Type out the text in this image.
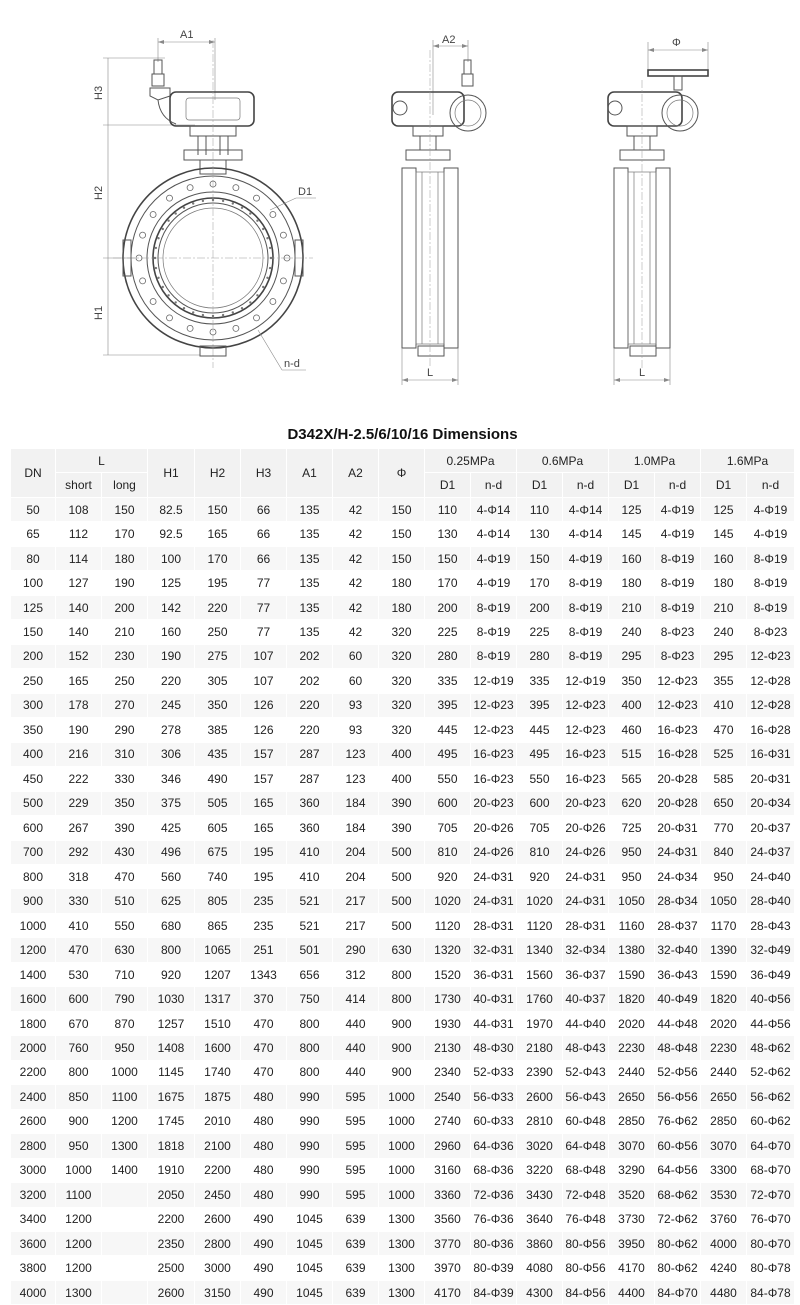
A1
H3
H2
H1
D1
n-d
A2
L
Φ
L
D342X/H-2.5/6/10/16 Dimensions																
DN	L		H1	H2	H3	A1	A2	Φ	0.25MPa		0.6MPa		1.0MPa		1.6MPa	
	short	long							D1	n-d	D1	n-d	D1	n-d	D1	n-d
50	108	150	82.5	150	66	135	42	150	110	4-Φ14	110	4-Φ14	125	4-Φ19	125	4-Φ19
65	112	170	92.5	165	66	135	42	150	130	4-Φ14	130	4-Φ14	145	4-Φ19	145	4-Φ19
80	114	180	100	170	66	135	42	150	150	4-Φ19	150	4-Φ19	160	8-Φ19	160	8-Φ19
100	127	190	125	195	77	135	42	180	170	4-Φ19	170	8-Φ19	180	8-Φ19	180	8-Φ19
125	140	200	142	220	77	135	42	180	200	8-Φ19	200	8-Φ19	210	8-Φ19	210	8-Φ19
150	140	210	160	250	77	135	42	320	225	8-Φ19	225	8-Φ19	240	8-Φ23	240	8-Φ23
200	152	230	190	275	107	202	60	320	280	8-Φ19	280	8-Φ19	295	8-Φ23	295	12-Φ23
250	165	250	220	305	107	202	60	320	335	12-Φ19	335	12-Φ19	350	12-Φ23	355	12-Φ28
300	178	270	245	350	126	220	93	320	395	12-Φ23	395	12-Φ23	400	12-Φ23	410	12-Φ28
350	190	290	278	385	126	220	93	320	445	12-Φ23	445	12-Φ23	460	16-Φ23	470	16-Φ28
400	216	310	306	435	157	287	123	400	495	16-Φ23	495	16-Φ23	515	16-Φ28	525	16-Φ31
450	222	330	346	490	157	287	123	400	550	16-Φ23	550	16-Φ23	565	20-Φ28	585	20-Φ31
500	229	350	375	505	165	360	184	390	600	20-Φ23	600	20-Φ23	620	20-Φ28	650	20-Φ34
600	267	390	425	605	165	360	184	390	705	20-Φ26	705	20-Φ26	725	20-Φ31	770	20-Φ37
700	292	430	496	675	195	410	204	500	810	24-Φ26	810	24-Φ26	950	24-Φ31	840	24-Φ37
800	318	470	560	740	195	410	204	500	920	24-Φ31	920	24-Φ31	950	24-Φ34	950	24-Φ40
900	330	510	625	805	235	521	217	500	1020	24-Φ31	1020	24-Φ31	1050	28-Φ34	1050	28-Φ40
1000	410	550	680	865	235	521	217	500	1120	28-Φ31	1120	28-Φ31	1160	28-Φ37	1170	28-Φ43
1200	470	630	800	1065	251	501	290	630	1320	32-Φ31	1340	32-Φ34	1380	32-Φ40	1390	32-Φ49
1400	530	710	920	1207	1343	656	312	800	1520	36-Φ31	1560	36-Φ37	1590	36-Φ43	1590	36-Φ49
1600	600	790	1030	1317	370	750	414	800	1730	40-Φ31	1760	40-Φ37	1820	40-Φ49	1820	40-Φ56
1800	670	870	1257	1510	470	800	440	900	1930	44-Φ31	1970	44-Φ40	2020	44-Φ48	2020	44-Φ56
2000	760	950	1408	1600	470	800	440	900	2130	48-Φ30	2180	48-Φ43	2230	48-Φ48	2230	48-Φ62
2200	800	1000	1145	1740	470	800	440	900	2340	52-Φ33	2390	52-Φ43	2440	52-Φ56	2440	52-Φ62
2400	850	1100	1675	1875	480	990	595	1000	2540	56-Φ33	2600	56-Φ43	2650	56-Φ56	2650	56-Φ62
2600	900	1200	1745	2010	480	990	595	1000	2740	60-Φ33	2810	60-Φ48	2850	76-Φ62	2850	60-Φ62
2800	950	1300	1818	2100	480	990	595	1000	2960	64-Φ36	3020	64-Φ48	3070	60-Φ56	3070	64-Φ70
3000	1000	1400	1910	2200	480	990	595	1000	3160	68-Φ36	3220	68-Φ48	3290	64-Φ56	3300	68-Φ70
3200	1100		2050	2450	480	990	595	1000	3360	72-Φ36	3430	72-Φ48	3520	68-Φ62	3530	72-Φ70
3400	1200		2200	2600	490	1045	639	1300	3560	76-Φ36	3640	76-Φ48	3730	72-Φ62	3760	76-Φ70
3600	1200		2350	2800	490	1045	639	1300	3770	80-Φ36	3860	80-Φ56	3950	80-Φ62	4000	80-Φ70
3800	1200		2500	3000	490	1045	639	1300	3970	80-Φ39	4080	80-Φ56	4170	80-Φ62	4240	80-Φ78
4000	1300		2600	3150	490	1045	639	1300	4170	84-Φ39	4300	84-Φ56	4400	84-Φ70	4480	84-Φ78
